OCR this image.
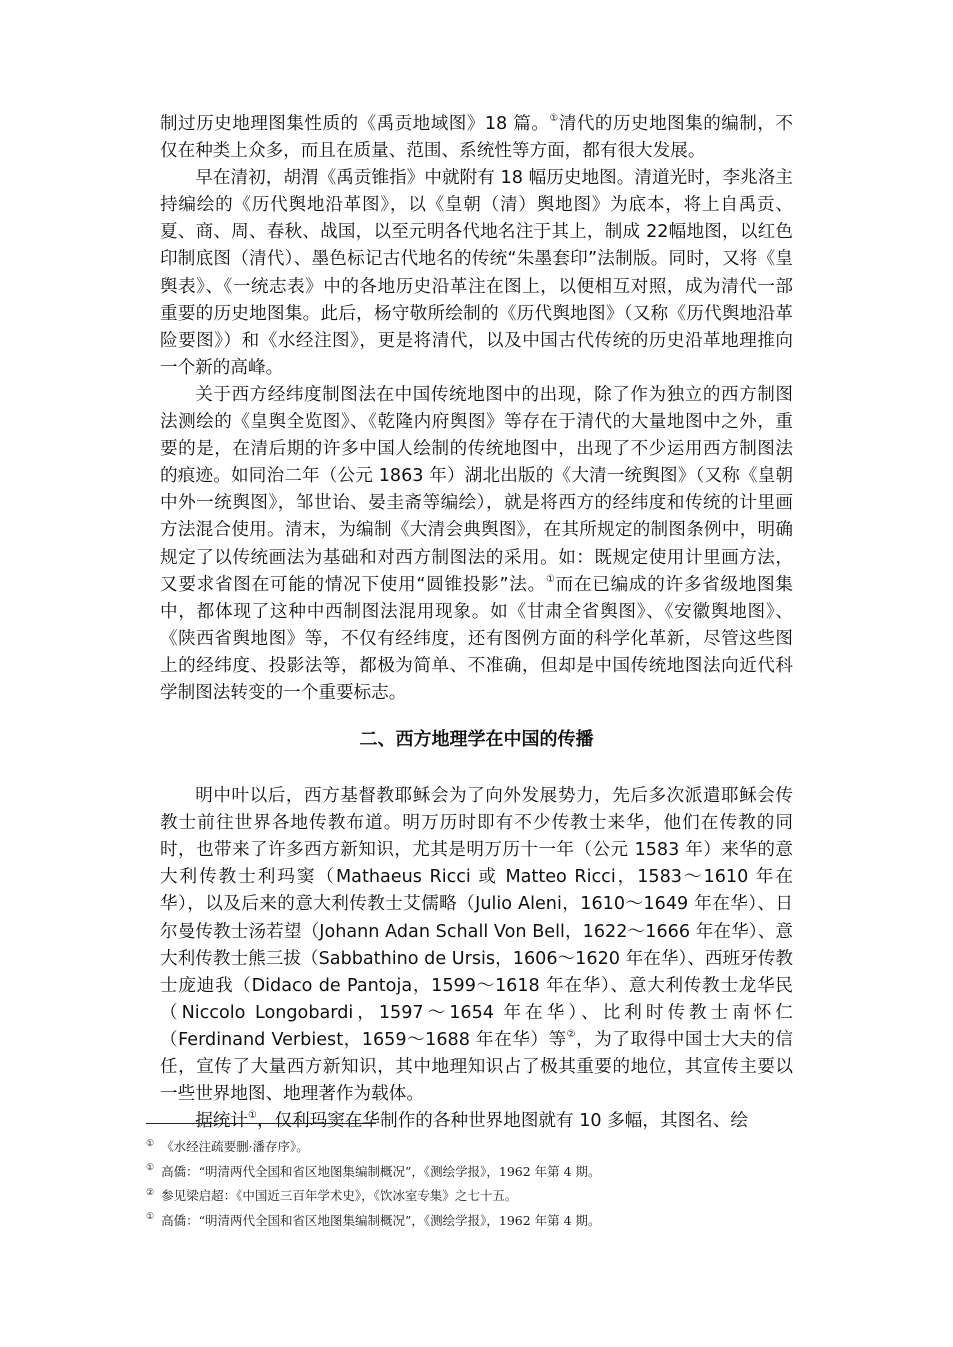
制过历史地理图集性质的《禹贡地域图》18 篇。①清代的历史地图集的编制，不仅在种类上众多，而且在质量、范围、系统性等方面，都有很大发展。

早在清初，胡渭《禹贡锥指》中就附有 18 幅历史地图。清道光时，李兆洛主持编绘的《历代舆地沿革图》，以《皇朝（清）舆地图》为底本，将上自禹贡、夏、商、周、春秋、战国，以至元明各代地名注于其上，制成 22幅地图，以红色印制底图（清代）、墨色标记古代地名的传统“朱墨套印”法制版。同时，又将《皇舆表》、《一统志表》中的各地历史沿革注在图上，以便相互对照，成为清代一部重要的历史地图集。此后，杨守敬所绘制的《历代舆地图》（又称《历代舆地沿革险要图》）和《水经注图》，更是将清代，以及中国古代传统的历史沿革地理推向一个新的高峰。

关于西方经纬度制图法在中国传统地图中的出现，除了作为独立的西方制图法测绘的《皇舆全览图》、《乾隆内府舆图》等存在于清代的大量地图中之外，重要的是，在清后期的许多中国人绘制的传统地图中，出现了不少运用西方制图法的痕迹。如同治二年（公元 1863 年）湖北出版的《大清一统舆图》（又称《皇朝中外一统舆图》，邹世诒、晏圭斋等编绘），就是将西方的经纬度和传统的计里画方法混合使用。清末，为编制《大清会典舆图》，在其所规定的制图条例中，明确规定了以传统画法为基础和对西方制图法的采用。如：既规定使用计里画方法，又要求省图在可能的情况下使用“圆锥投影”法。①而在已编成的许多省级地图集中，都体现了这种中西制图法混用现象。如《甘肃全省舆图》、《安徽舆地图》、《陕西省舆地图》等，不仅有经纬度，还有图例方面的科学化革新，尽管这些图上的经纬度、投影法等，都极为简单、不准确，但却是中国传统地图法向近代科学制图法转变的一个重要标志。

二、西方地理学在中国的传播

明中叶以后，西方基督教耶稣会为了向外发展势力，先后多次派遣耶稣会传教士前往世界各地传教布道。明万历时即有不少传教士来华，他们在传教的同时，也带来了许多西方新知识，尤其是明万历十一年（公元 1583 年）来华的意大利传教士利玛窦（Mathaeus Ricci 或 Matteo Ricci，1583～1610 年在华），以及后来的意大利传教士艾儒略（Julio Aleni，1610～1649 年在华）、日尔曼传教士汤若望（Johann Adan Schall Von Bell，1622～1666 年在华）、意大利传教士熊三拔（Sabbathino de Ursis，1606～1620 年在华）、西班牙传教士庞迪我（Didaco de Pantoja，1599～1618 年在华）、意大利传教士龙华民（Niccolo Longobardi，1597～1654 年在华）、比利时传教士南怀仁（Ferdinand Verbiest，1659～1688 年在华）等②，为了取得中国士大夫的信任，宣传了大量西方新知识，其中地理知识占了极其重要的地位，其宣传主要以一些世界地图、地理著作为载体。

据统计①，仅利玛窦在华制作的各种世界地图就有 10 多幅，其图名、绘

① 《水经注疏要删·潘存序》。
① 高僑：“明清两代全国和省区地图集编制概况”，《测绘学报》，1962 年第 4 期。
② 参见梁启超：《中国近三百年学术史》，《饮冰室专集》之七十五。
① 高僑：“明清两代全国和省区地图集编制概况”，《测绘学报》，1962 年第 4 期。
